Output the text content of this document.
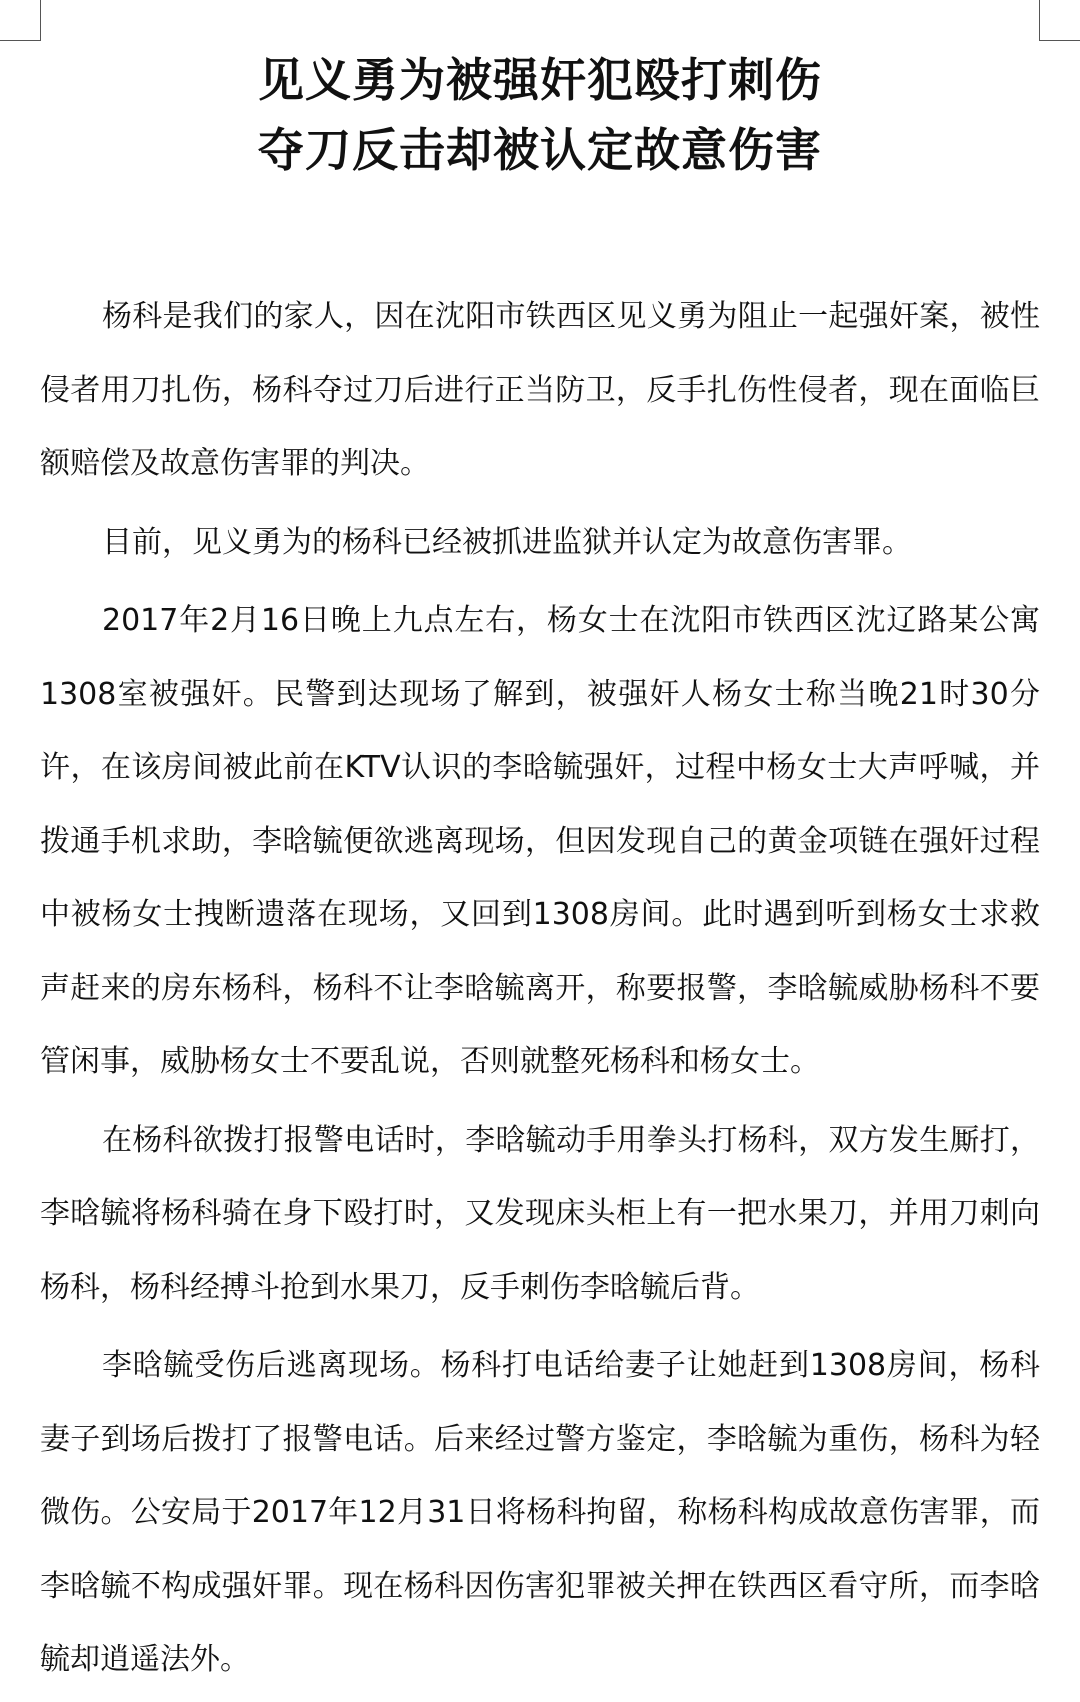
见义勇为被强奸犯殴打刺伤
夺刀反击却被认定故意伤害

杨科是我们的家人，因在沈阳市铁西区见义勇为阻止一起强奸案，被性侵者用刀扎伤，杨科夺过刀后进行正当防卫，反手扎伤性侵者，现在面临巨额赔偿及故意伤害罪的判决。

目前，见义勇为的杨科已经被抓进监狱并认定为故意伤害罪。

2017年2月16日晚上九点左右，杨女士在沈阳市铁西区沈辽路某公寓1308室被强奸。民警到达现场了解到，被强奸人杨女士称当晚21时30分许，在该房间被此前在KTV认识的李晗毓强奸，过程中杨女士大声呼喊，并拨通手机求助，李晗毓便欲逃离现场，但因发现自己的黄金项链在强奸过程中被杨女士拽断遗落在现场，又回到1308房间。此时遇到听到杨女士求救声赶来的房东杨科，杨科不让李晗毓离开，称要报警，李晗毓威胁杨科不要管闲事，威胁杨女士不要乱说，否则就整死杨科和杨女士。

在杨科欲拨打报警电话时，李晗毓动手用拳头打杨科，双方发生厮打，李晗毓将杨科骑在身下殴打时，又发现床头柜上有一把水果刀，并用刀刺向杨科，杨科经搏斗抢到水果刀，反手刺伤李晗毓后背。

李晗毓受伤后逃离现场。杨科打电话给妻子让她赶到1308房间，杨科妻子到场后拨打了报警电话。后来经过警方鉴定，李晗毓为重伤，杨科为轻微伤。公安局于2017年12月31日将杨科拘留，称杨科构成故意伤害罪，而李晗毓不构成强奸罪。现在杨科因伤害犯罪被关押在铁西区看守所，而李晗毓却逍遥法外。
